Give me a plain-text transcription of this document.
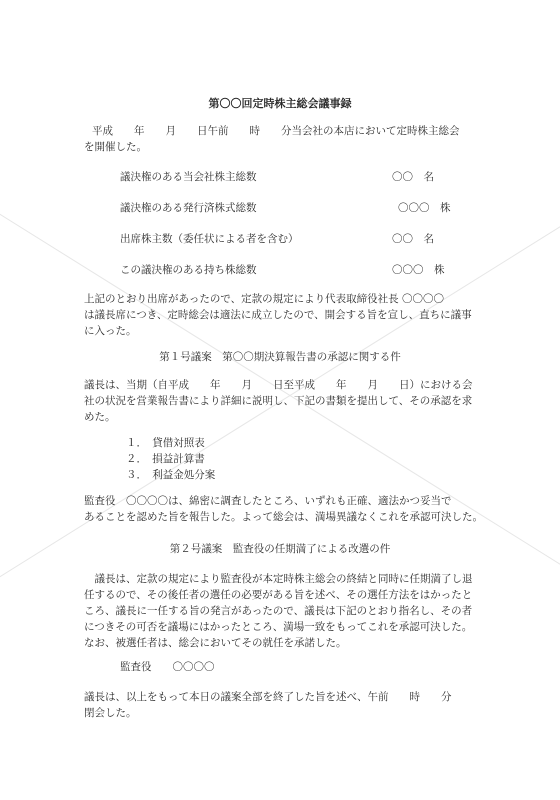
第〇〇回定時株主総会議事録
平成　　年　　月　　日午前　　時　　分当会社の本店において定時株主総会
を開催した。
議決権のある当会社株主総数	〇〇　名
議決権のある発行済株式総数	〇〇〇　株
出席株主数（委任状による者を含む）	〇〇　名
この議決権のある持ち株総数	〇〇〇　株
上記のとおり出席があったので、定款の規定により代表取締役社長 〇〇〇〇
は議長席につき、定時総会は適法に成立したので、開会する旨を宣し、直ちに議事
に入った。
第１号議案　第〇〇期決算報告書の承認に関する件
議長は、当期（自平成　　年　　月　　日至平成　　年　　月　　日）における会
社の状況を営業報告書により詳細に説明し、下記の書類を提出して、その承認を求
めた。
１．　貸借対照表
２．　損益計算書
３．　利益金処分案
監査役　〇〇〇〇は、綿密に調査したところ、いずれも正確、適法かつ妥当で
あることを認めた旨を報告した。よって総会は、満場異議なくこれを承認可決した。
第２号議案　監査役の任期満了による改選の件
　議長は、定款の規定により監査役が本定時株主総会の終結と同時に任期満了し退
任するので、その後任者の選任の必要がある旨を述べ、その選任方法をはかったと
ころ、議長に一任する旨の発言があったので、議長は下記のとおり指名し、その者
につきその可否を議場にはかったところ、満場一致をもってこれを承認可決した。
なお、被選任者は、総会においてその就任を承諾した。
監査役　　〇〇〇〇
議長は、以上をもって本日の議案全部を終了した旨を述べ、午前　　時　　分
閉会した。
